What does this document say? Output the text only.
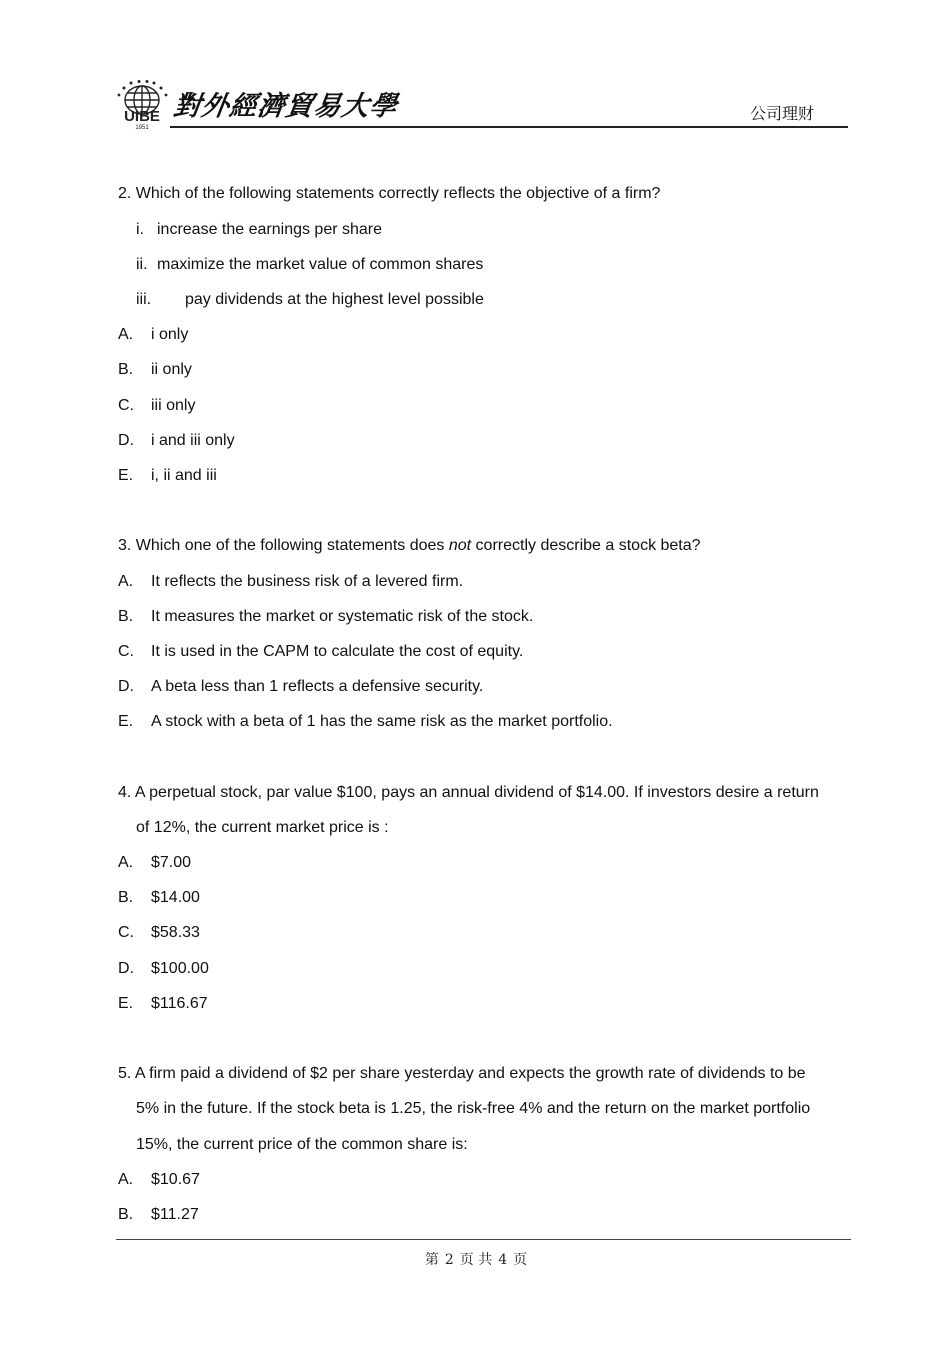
UIBE
1951
對外經濟貿易大學	公司理财
2. Which of the following statements correctly reflects the objective of a firm?
i. increase the earnings per share
ii. maximize the market value of common shares
iii. pay dividends at the highest level possible
A. i only
B. ii only
C. iii only
D. i and iii only
E. i, ii and iii
3. Which one of the following statements does not correctly describe a stock beta?
A. It reflects the business risk of a levered firm.
B. It measures the market or systematic risk of the stock.
C. It is used in the CAPM to calculate the cost of equity.
D. A beta less than 1 reflects a defensive security.
E. A stock with a beta of 1 has the same risk as the market portfolio.
4. A perpetual stock, par value $100, pays an annual dividend of $14.00. If investors desire a return
of 12%, the current market price is :
A. $7.00
B. $14.00
C. $58.33
D. $100.00
E. $116.67
5. A firm paid a dividend of $2 per share yesterday and expects the growth rate of dividends to be
5% in the future. If the stock beta is 1.25, the risk-free 4% and the return on the market portfolio
15%, the current price of the common share is:
A. $10.67
B. $11.27
第 2 页 共 4 页
